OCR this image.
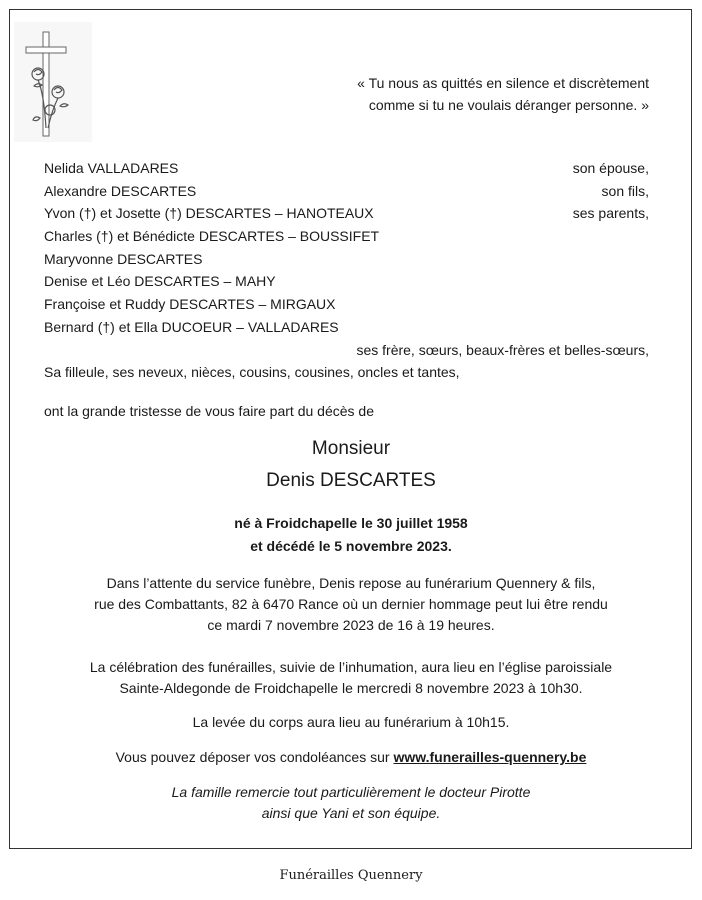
« Tu nous as quittés en silence et discrètement
comme si tu ne voulais déranger personne. »
Nelida VALLADARES	son épouse,
Alexandre DESCARTES	son fils,
Yvon (†) et Josette (†) DESCARTES – HANOTEAUX	ses parents,
Charles (†) et Bénédicte DESCARTES – BOUSSIFET
Maryvonne DESCARTES
Denise et Léo DESCARTES – MAHY
Françoise et Ruddy DESCARTES – MIRGAUX
Bernard (†) et Ella DUCOEUR – VALLADARES
ses frère, sœurs, beaux-frères et belles-sœurs,
Sa filleule, ses neveux, nièces, cousins, cousines, oncles et tantes,
ont la grande tristesse de vous faire part du décès de
Monsieur
Denis DESCARTES
né à Froidchapelle le 30 juillet 1958
et décédé le 5 novembre 2023.
Dans l’attente du service funèbre, Denis repose au funérarium Quennery & fils,
rue des Combattants, 82 à 6470 Rance où un dernier hommage peut lui être rendu
ce mardi 7 novembre 2023 de 16 à 19 heures.
La célébration des funérailles, suivie de l’inhumation, aura lieu en l’église paroissiale
Sainte-Aldegonde de Froidchapelle le mercredi 8 novembre 2023 à 10h30.
La levée du corps aura lieu au funérarium à 10h15.
Vous pouvez déposer vos condoléances sur www.funerailles-quennery.be
La famille remercie tout particulièrement le docteur Pirotte
ainsi que Yani et son équipe.
Funérailles Quennery
